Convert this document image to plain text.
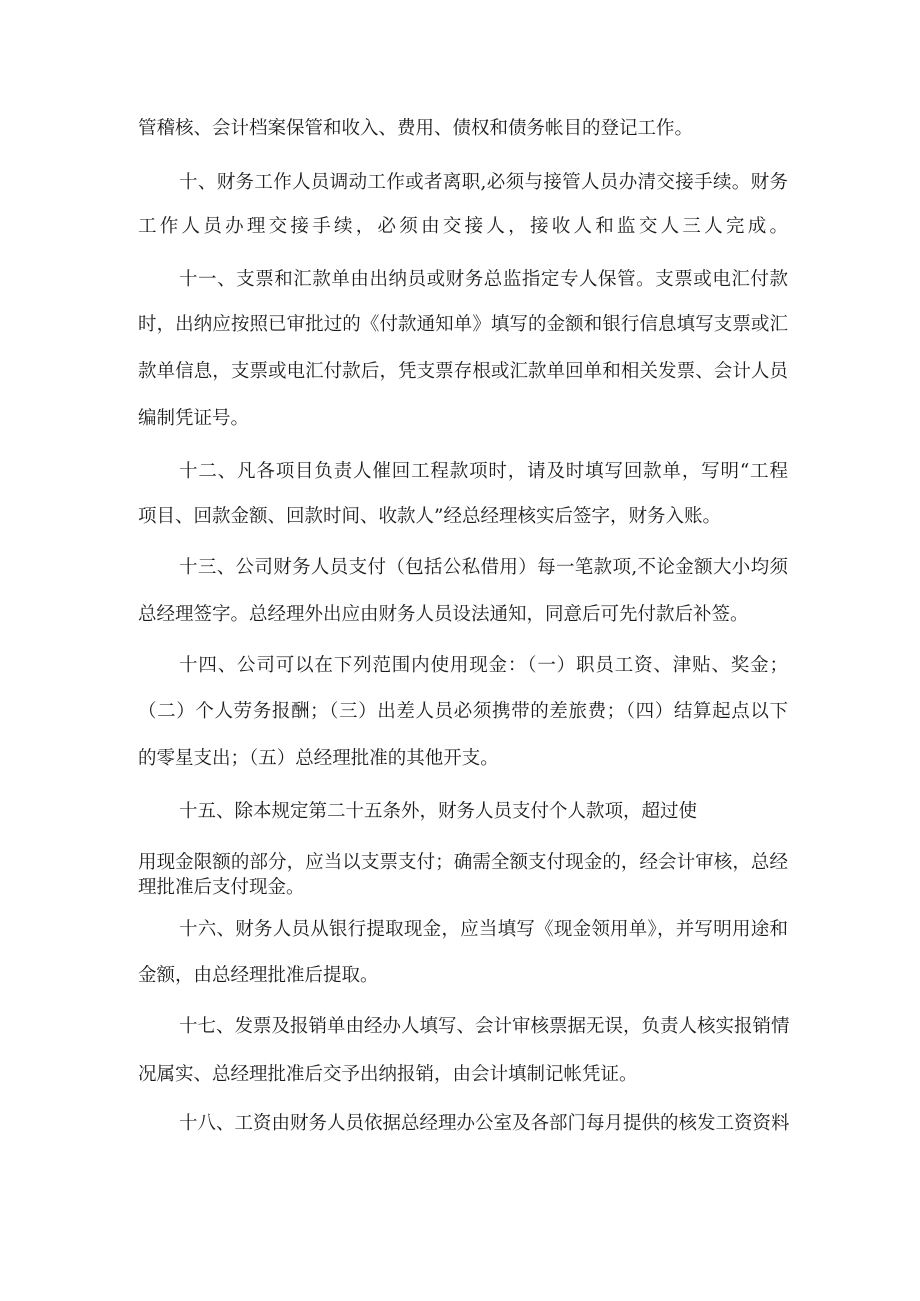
管稽核、会计档案保管和收入、费用、债权和债务帐目的登记工作。

十、财务工作人员调动工作或者离职,必须与接管人员办清交接手续。财务

工作人员办理交接手续，必须由交接人，接收人和监交人三人完成。

十一、支票和汇款单由出纳员或财务总监指定专人保管。支票或电汇付款

时，出纳应按照已审批过的《付款通知单》填写的金额和银行信息填写支票或汇

款单信息，支票或电汇付款后，凭支票存根或汇款单回单和相关发票、会计人员

编制凭证号。

十二、凡各项目负责人催回工程款项时，请及时填写回款单，写明“工程

项目、回款金额、回款时间、收款人”经总经理核实后签字，财务入账。

十三、公司财务人员支付（包括公私借用）每一笔款项,不论金额大小均须

总经理签字。总经理外出应由财务人员设法通知，同意后可先付款后补签。

十四、公司可以在下列范围内使用现金：（一）职员工资、津贴、奖金；

（二）个人劳务报酬；（三）出差人员必须携带的差旅费；（四）结算起点以下

的零星支出；（五）总经理批准的其他开支。

十五、除本规定第二十五条外，财务人员支付个人款项，超过使

用现金限额的部分，应当以支票支付；确需全额支付现金的，经会计审核，总经

理批准后支付现金。

十六、财务人员从银行提取现金，应当填写《现金领用单》，并写明用途和

金额，由总经理批准后提取。

十七、发票及报销单由经办人填写、会计审核票据无误，负责人核实报销情

况属实、总经理批准后交予出纳报销，由会计填制记帐凭证。

十八、工资由财务人员依据总经理办公室及各部门每月提供的核发工资资料
